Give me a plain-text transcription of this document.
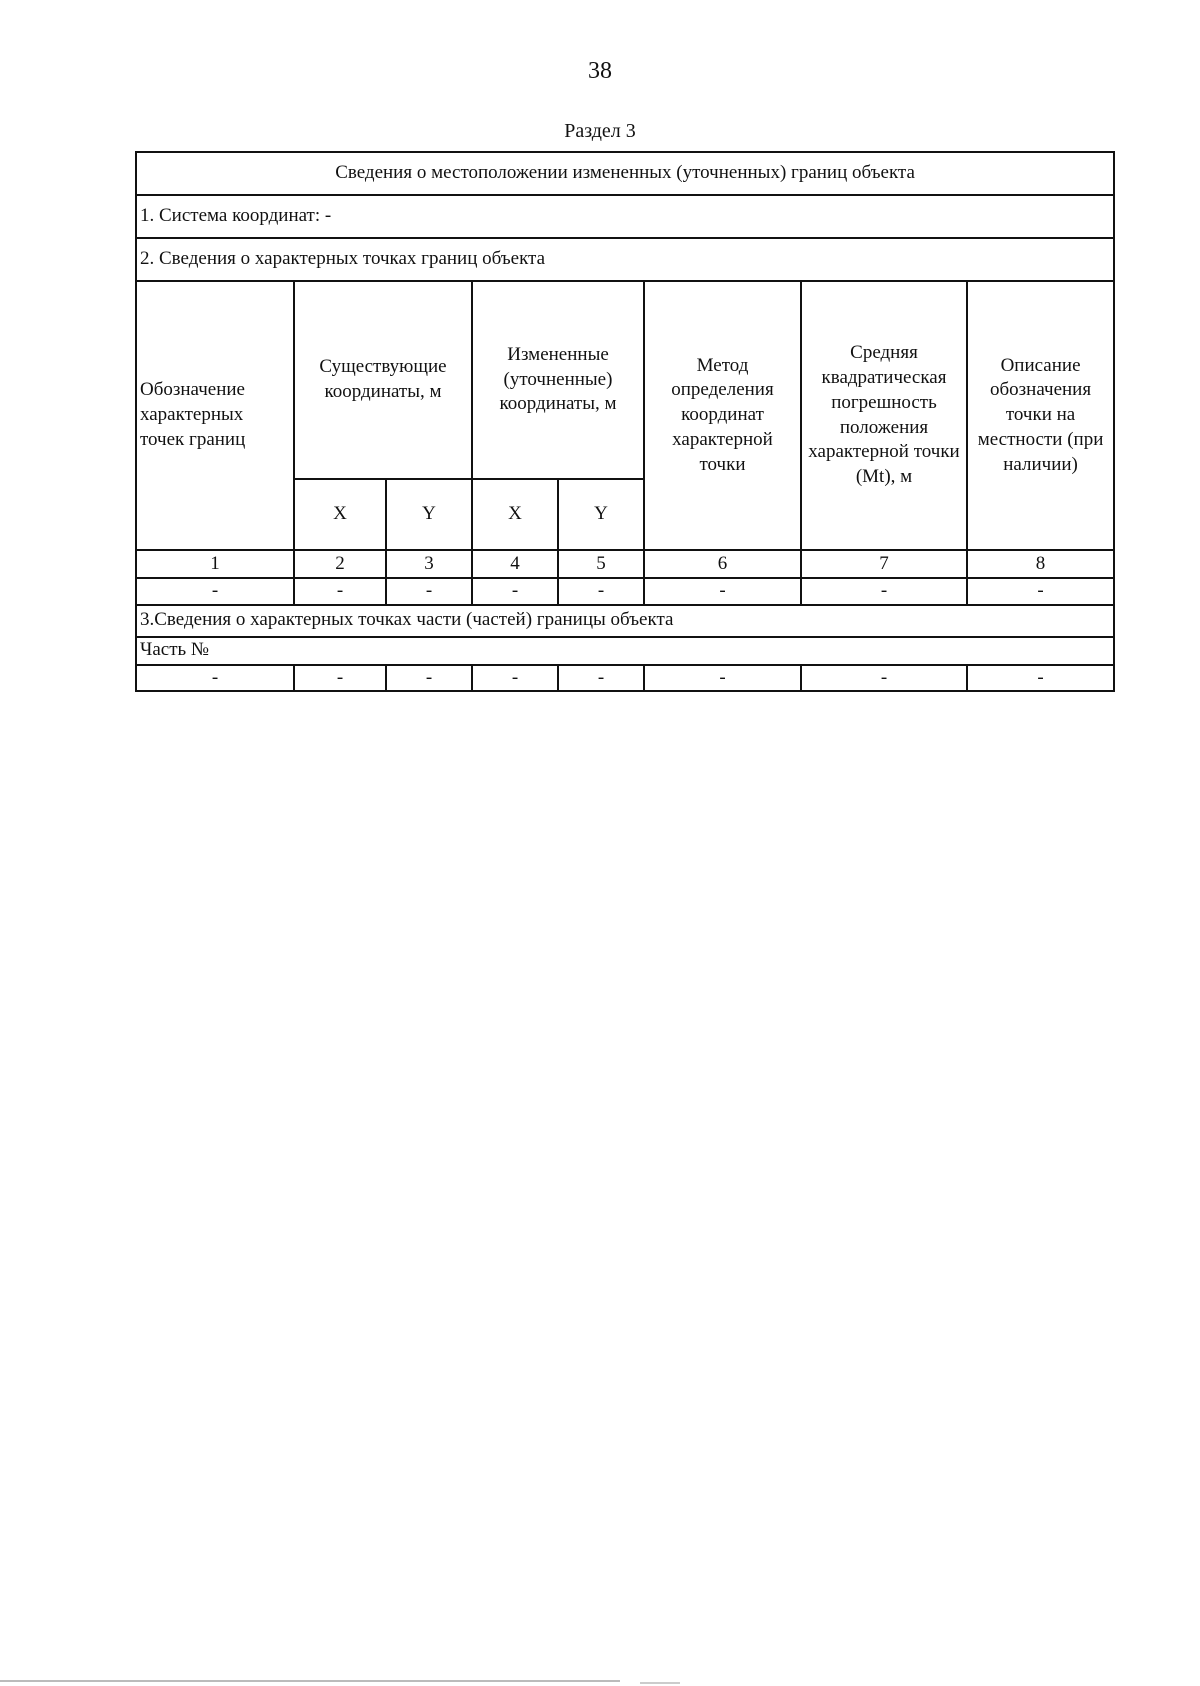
38
Раздел 3
Сведения о местоположении измененных (уточненных) границ объекта							
1. Система координат: -							
2. Сведения о характерных точках границ объекта							
Обозначение характерных точек границ	Существующие координаты, м		Измененные (уточненные) координаты, м		Метод определения координат характерной точки	Средняя квадратическая погрешность положения характерной точки (Mt), м	Описание обозначения точки на местности (при наличии)
	X	Y	X	Y			
1	2	3	4	5	6	7	8
-	-	-	-	-	-	-	-
3.Сведения о характерных точках части (частей) границы объекта							
Часть №							
-	-	-	-	-	-	-	-
